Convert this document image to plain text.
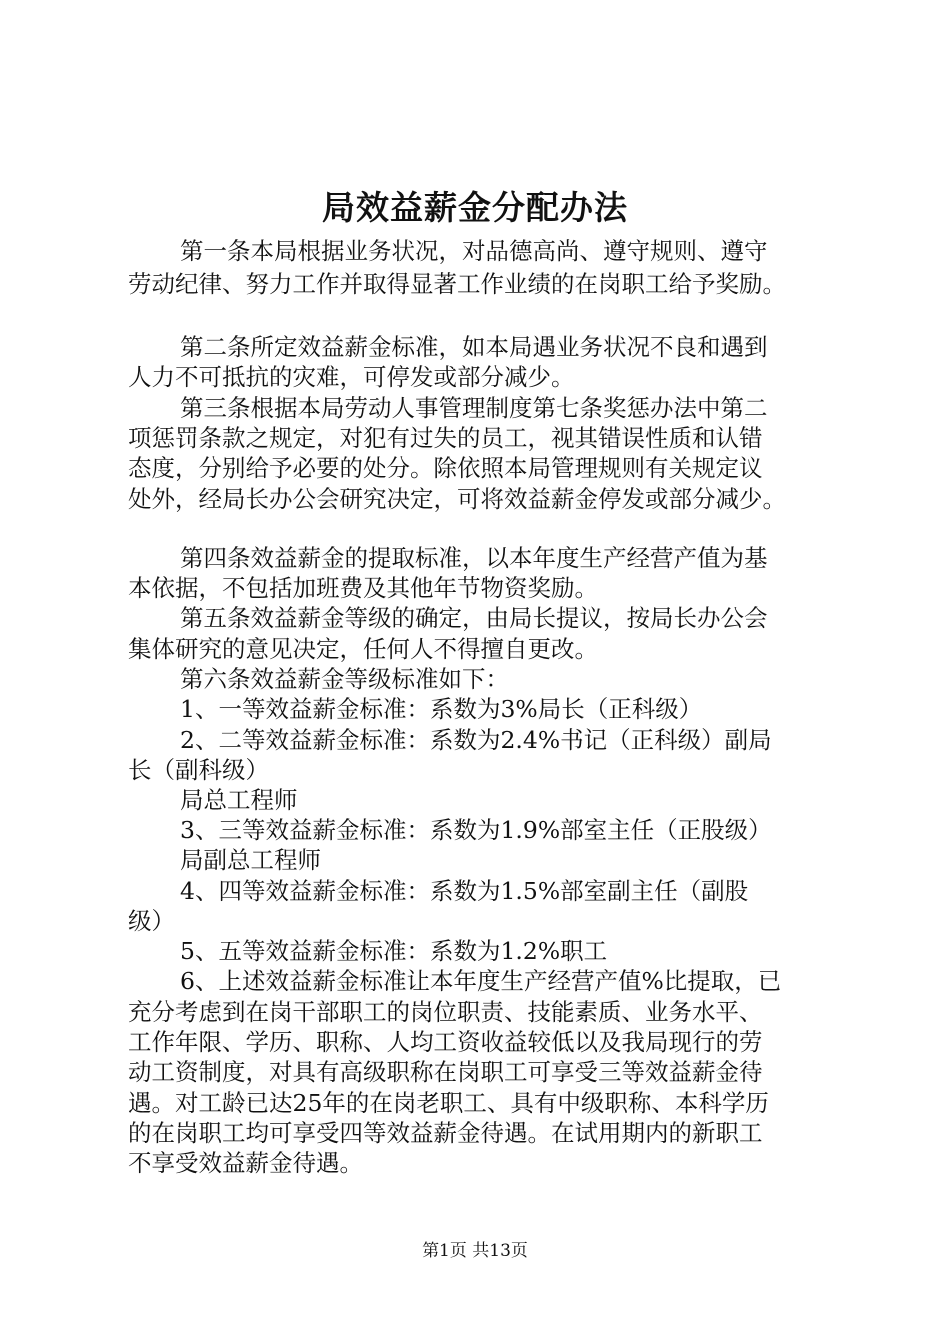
局效益薪金分配办法
第一条本局根据业务状况，对品德高尚、遵守规则、遵守
劳动纪律、努力工作并取得显著工作业绩的在岗职工给予奖励。
第二条所定效益薪金标准，如本局遇业务状况不良和遇到
人力不可抵抗的灾难，可停发或部分减少。
第三条根据本局劳动人事管理制度第七条奖惩办法中第二
项惩罚条款之规定，对犯有过失的员工，视其错误性质和认错
态度，分别给予必要的处分。除依照本局管理规则有关规定议
处外，经局长办公会研究决定，可将效益薪金停发或部分减少。
第四条效益薪金的提取标准，以本年度生产经营产值为基
本依据，不包括加班费及其他年节物资奖励。
第五条效益薪金等级的确定，由局长提议，按局长办公会
集体研究的意见决定，任何人不得擅自更改。
第六条效益薪金等级标准如下：
1、一等效益薪金标准：系数为3%局长（正科级）
2、二等效益薪金标准：系数为2.4%书记（正科级）副局
长（副科级）
局总工程师
3、三等效益薪金标准：系数为1.9%部室主任（正股级）
局副总工程师
4、四等效益薪金标准：系数为1.5%部室副主任（副股
级）
5、五等效益薪金标准：系数为1.2%职工
6、上述效益薪金标准让本年度生产经营产值%比提取，已
充分考虑到在岗干部职工的岗位职责、技能素质、业务水平、
工作年限、学历、职称、人均工资收益较低以及我局现行的劳
动工资制度，对具有高级职称在岗职工可享受三等效益薪金待
遇。对工龄已达25年的在岗老职工、具有中级职称、本科学历
的在岗职工均可享受四等效益薪金待遇。在试用期内的新职工
不享受效益薪金待遇。
第1页 共13页
